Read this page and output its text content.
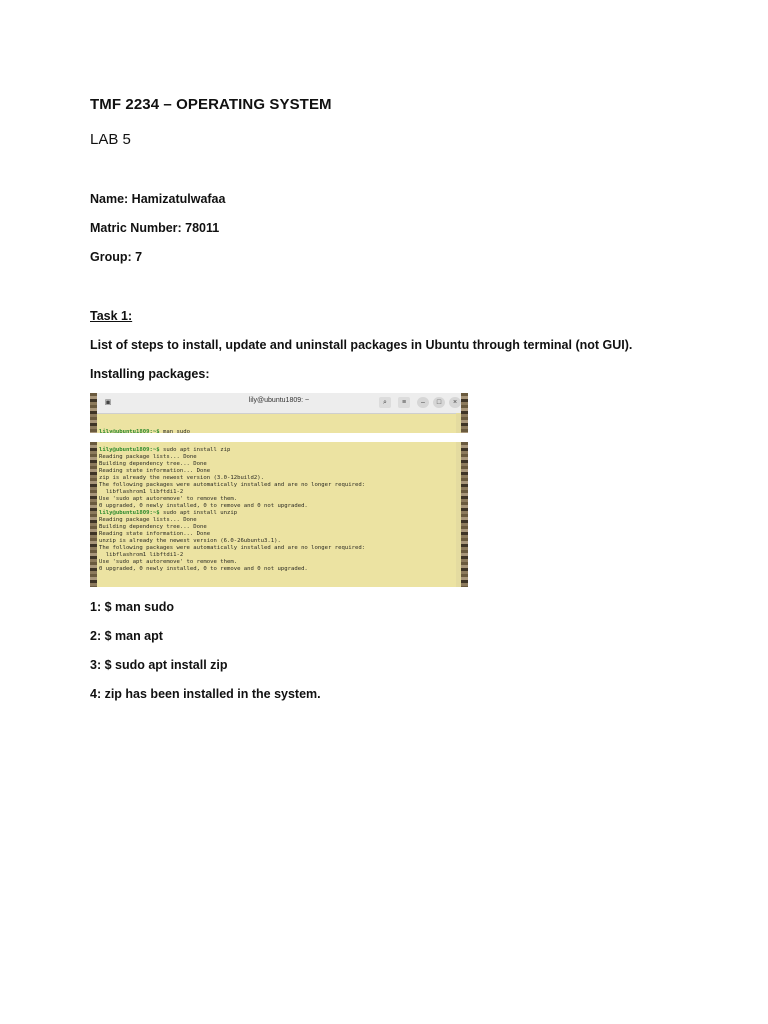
TMF 2234 – OPERATING SYSTEM
LAB 5
Name: Hamizatulwafaa
Matric Number: 78011
Group: 7
Task 1:
List of steps to install, update and uninstall packages in Ubuntu through terminal (not GUI).
Installing packages:
▣	lily@ubuntu1809: ~	⌕	≡	–	□	×

lily@ubuntu1809:~$ man sudo

lily@ubuntu1809:~$ sudo apt install zip
Reading package lists... Done
Building dependency tree... Done
Reading state information... Done
zip is already the newest version (3.0-12build2).
The following packages were automatically installed and are no longer required:
libflashrom1 libftdi1-2
Use 'sudo apt autoremove' to remove them.
0 upgraded, 0 newly installed, 0 to remove and 0 not upgraded.
lily@ubuntu1809:~$ sudo apt install unzip
Reading package lists... Done
Building dependency tree... Done
Reading state information... Done
unzip is already the newest version (6.0-26ubuntu3.1).
The following packages were automatically installed and are no longer required:
libflashrom1 libftdi1-2
Use 'sudo apt autoremove' to remove them.
0 upgraded, 0 newly installed, 0 to remove and 0 not upgraded.
1: $ man sudo
2: $ man apt
3: $ sudo apt install zip
4: zip has been installed in the system.
